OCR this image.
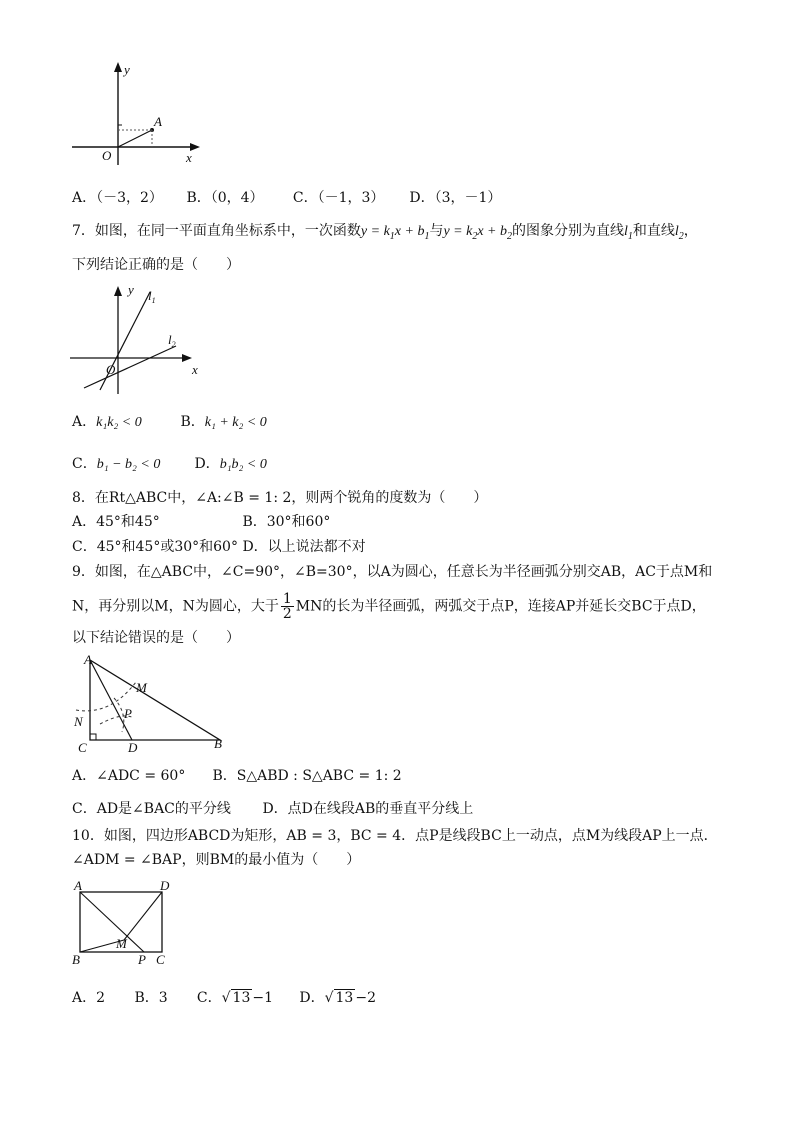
y
x
O
A
A．（－3，2） B．（0，4） C．（－1，3） D．（3，－1）
7．如图，在同一平面直角坐标系中，一次函数$y = k_1x + b_1$与$y = k_2x + b_2$的图象分别为直线$l_1$和直线$l_2$，
下列结论正确的是（　　）
y
x
O
$l_1$
$l_2$
A．k₁k₂ < 0	B．k₁ + k₂ < 0
C．b₁ − b₂ < 0 D．b₁b₂ < 0
8．在Rt△ABC中，∠A:∠B = 1: 2，则两个锐角的度数为（　　）
A．45°和45°	B．30°和60°
C．45°和45°或30°和60° D．以上说法都不对
9．如图，在△ABC中，∠C=90°，∠B=30°，以A为圆心，任意长为半径画弧分别交AB，AC于点M和
N，再分别以M，N为圆心，大于 $\frac{1}{2}$ MN的长为半径画弧，两弧交于点P，连接AP并延长交BC于点D，
以下结论错误的是（　　）
A
M
N
P
C	D	B
A．∠ADC = 60° B．S△ABD : S△ABC = 1: 2
C．AD是∠BAC的平分线 D．点D在线段AB的垂直平分线上
10．如图，四边形ABCD为矩形，AB = 3，BC = 4．点P是线段BC上一动点，点M为线段AP上一点．
∠ADM = ∠BAP，则BM的最小值为（　　）
A	D
M
B	P C
A．2 B．3 C．√ 13 −1 D．√ 13 −2
